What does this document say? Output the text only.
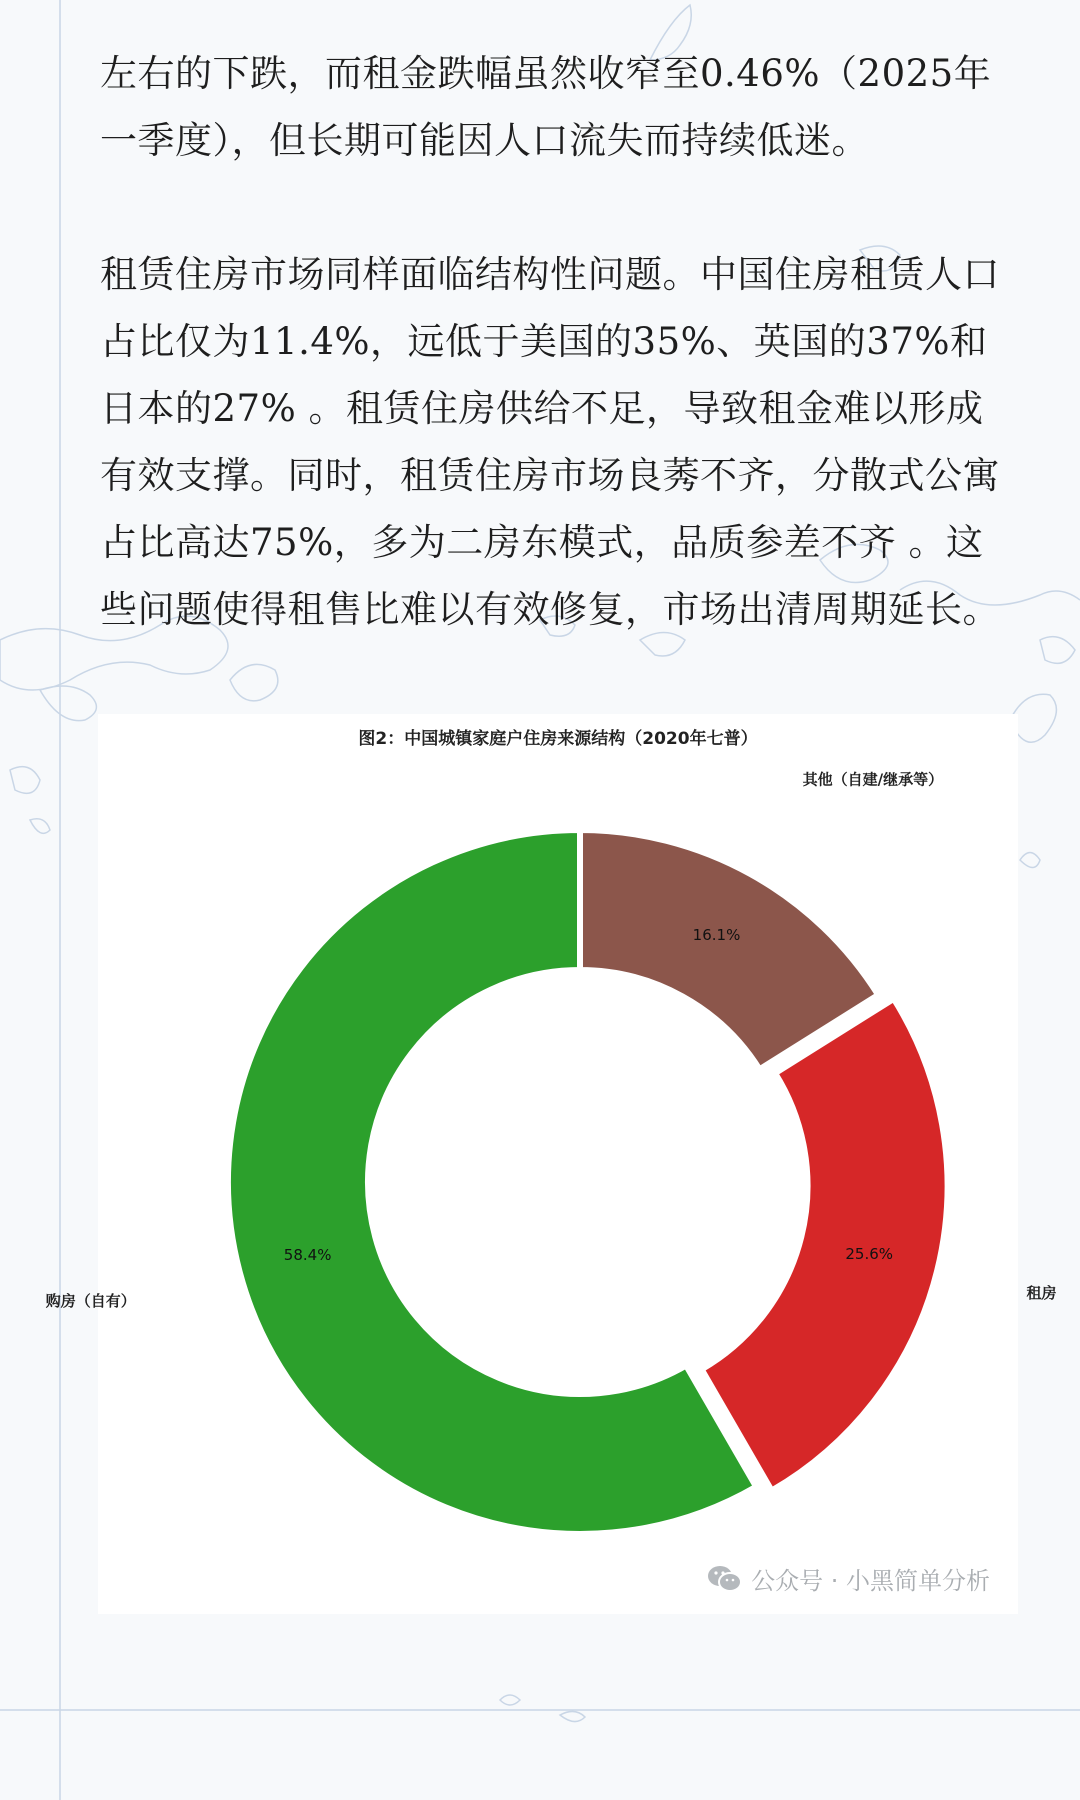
左右的下跌，而租金跌幅虽然收窄至0.46%（2025年一季度），但长期可能因人口流失而持续低迷。

租赁住房市场同样面临结构性问题。中国住房租赁人口占比仅为11.4%，远低于美国的35%、英国的37%和日本的27% 。租赁住房供给不足，导致租金难以形成有效支撑。同时，租赁住房市场良莠不齐，分散式公寓占比高达75%，多为二房东模式，品质参差不齐 。这些问题使得租售比难以有效修复，市场出清周期延长。

16.1%
其他（自建/继承等）
25.6%
租房
58.4%
购房（自有）
图2：中国城镇家庭户住房来源结构（2020年七普）
公众号 · 小黑简单分析
